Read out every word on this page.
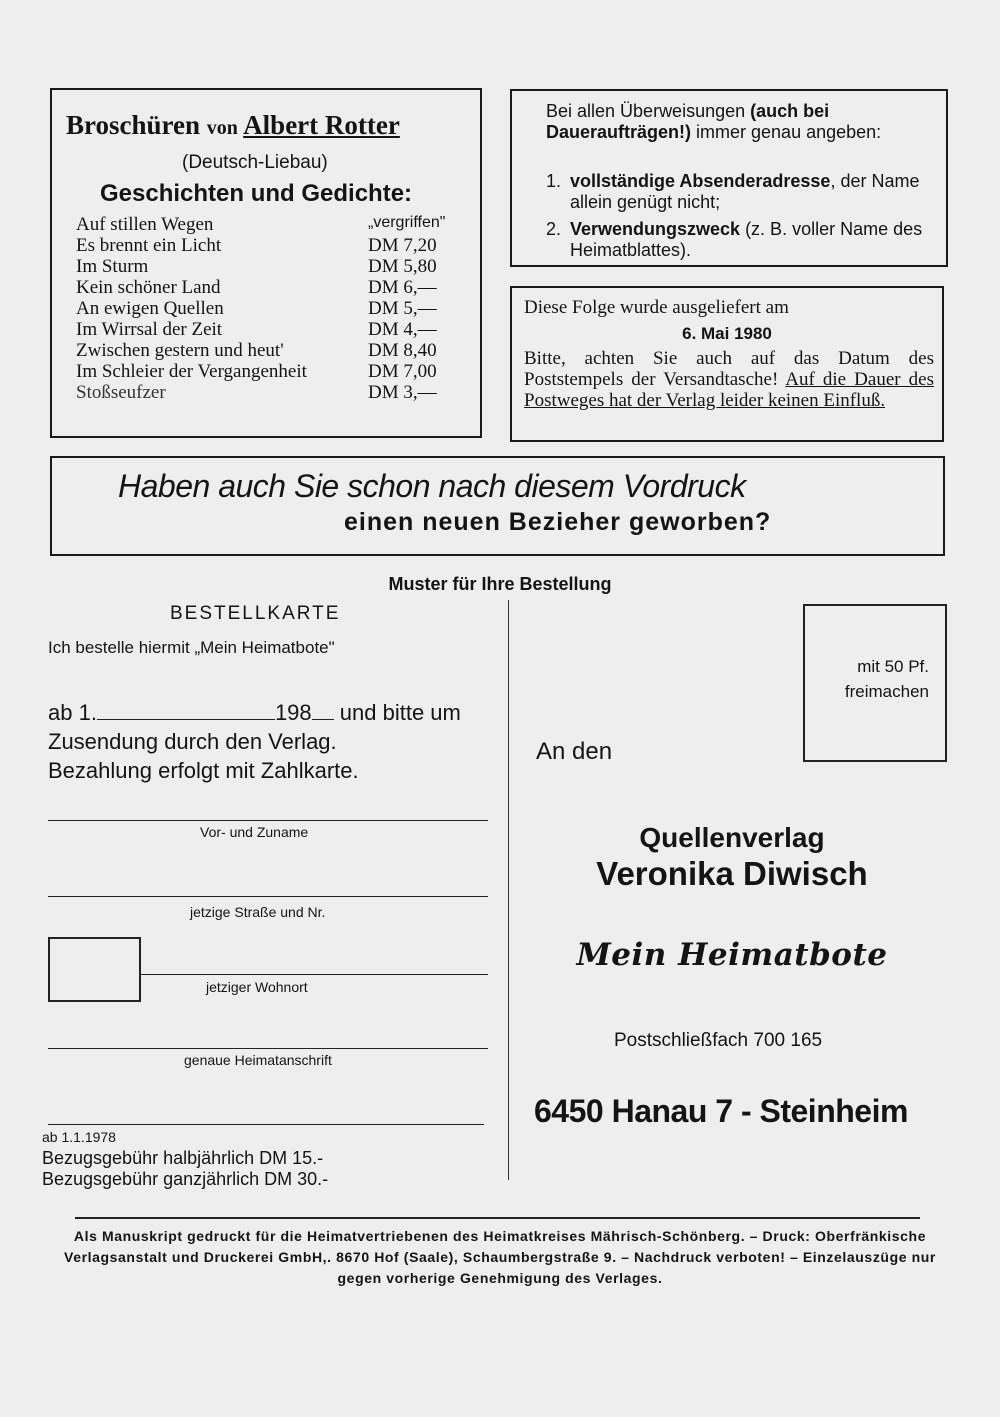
Broschüren von Albert Rotter
(Deutsch-Liebau)
Geschichten und Gedichte:
Auf stillen Wegen	„vergriffen"
Es brennt ein Licht	DM 7,20
Im Sturm	DM 5,80
Kein schöner Land	DM 6,—
An ewigen Quellen	DM 5,—
Im Wirrsal der Zeit	DM 4,—
Zwischen gestern und heut'	DM 8,40
Im Schleier der Vergangenheit	DM 7,00
Stoßseufzer	DM 3,—
Bei allen Überweisungen (auch bei Daueraufträgen!) immer genau angeben:
1. vollständige Absenderadresse, der Name allein genügt nicht;
2. Verwendungszweck (z. B. voller Name des Heimatblattes).
Diese Folge wurde ausgeliefert am
6. Mai 1980
Bitte, achten Sie auch auf das Datum des Poststempels der Versandtasche! Auf die Dauer des Postweges hat der Verlag leider keinen Einfluß.
Haben auch Sie schon nach diesem Vordruck
einen neuen Bezieher geworben?
Muster für Ihre Bestellung
BESTELLKARTE
Ich bestelle hiermit „Mein Heimatbote"
ab 1.	198 und bitte um
Zusendung durch den Verlag.
Bezahlung erfolgt mit Zahlkarte.
Vor- und Zuname
jetzige Straße und Nr.
jetziger Wohnort
genaue Heimatanschrift
ab 1.1.1978
Bezugsgebühr halbjährlich DM 15.-
Bezugsgebühr ganzjährlich DM 30.-
mit 50 Pf.
freimachen
An den
Quellenverlag
Veronika Diwisch
Mein Heimatbote
Postschließfach 700 165
6450 Hanau 7 - Steinheim
Als Manuskript gedruckt für die Heimatvertriebenen des Heimatkreises Mährisch-Schönberg. – Druck: Oberfränkische Verlagsanstalt und Druckerei GmbH,. 8670 Hof (Saale), Schaumbergstraße 9. – Nachdruck verboten! – Einzelauszüge nur gegen vorherige Genehmigung des Verlages.
